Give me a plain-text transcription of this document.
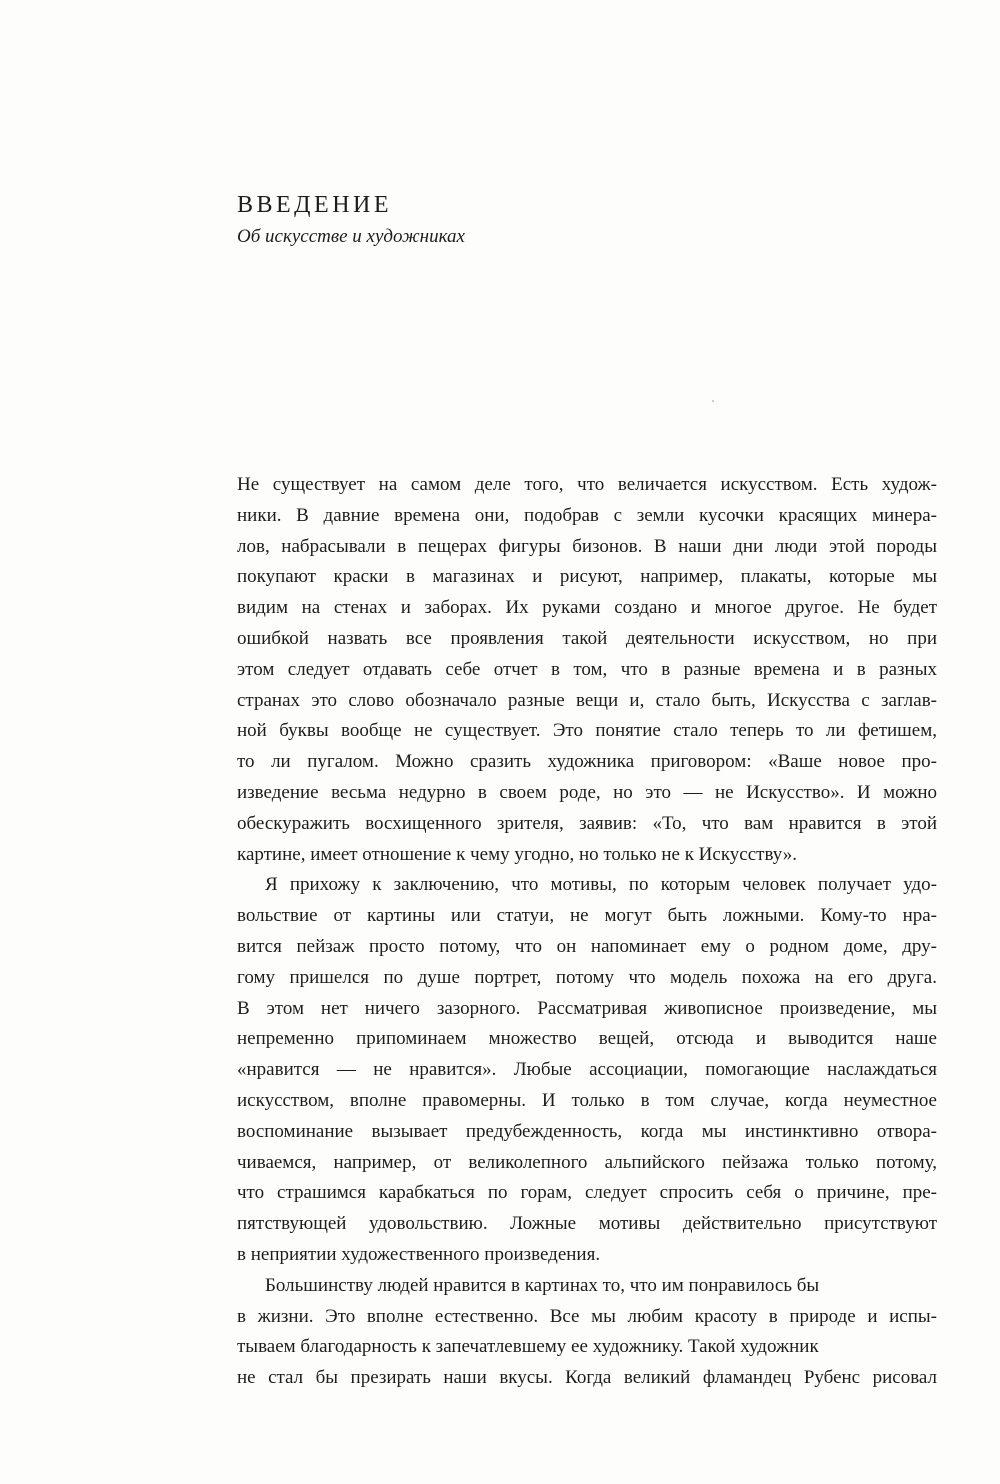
ВВЕДЕНИЕ
Об искусстве и художниках
Не существует на самом деле того, что величается искусством. Есть худож-
ники. В давние времена они, подобрав с земли кусочки красящих минера-
лов, набрасывали в пещерах фигуры бизонов. В наши дни люди этой породы
покупают краски в магазинах и рисуют, например, плакаты, которые мы
видим на стенах и заборах. Их руками создано и многое другое. Не будет
ошибкой назвать все проявления такой деятельности искусством, но при
этом следует отдавать себе отчет в том, что в разные времена и в разных
странах это слово обозначало разные вещи и, стало быть, Искусства с заглав-
ной буквы вообще не существует. Это понятие стало теперь то ли фетишем,
то ли пугалом. Можно сразить художника приговором: «Ваше новое про-
изведение весьма недурно в своем роде, но это — не Искусство». И можно
обескуражить восхищенного зрителя, заявив: «То, что вам нравится в этой
картине, имеет отношение к чему угодно, но только не к Искусству».
Я прихожу к заключению, что мотивы, по которым человек получает удо-
вольствие от картины или статуи, не могут быть ложными. Кому-то нра-
вится пейзаж просто потому, что он напоминает ему о родном доме, дру-
гому пришелся по душе портрет, потому что модель похожа на его друга.
В этом нет ничего зазорного. Рассматривая живописное произведение, мы
непременно припоминаем множество вещей, отсюда и выводится наше
«нравится — не нравится». Любые ассоциации, помогающие наслаждаться
искусством, вполне правомерны. И только в том случае, когда неуместное
воспоминание вызывает предубежденность, когда мы инстинктивно отвора-
чиваемся, например, от великолепного альпийского пейзажа только потому,
что страшимся карабкаться по горам, следует спросить себя о причине, пре-
пятствующей удовольствию. Ложные мотивы действительно присутствуют
в неприятии художественного произведения.
Большинству людей нравится в картинах то, что им понравилось бы
в жизни. Это вполне естественно. Все мы любим красоту в природе и испы-
тываем благодарность к запечатлевшему ее художнику. Такой художник
не стал бы презирать наши вкусы. Когда великий фламандец Рубенс рисовал
